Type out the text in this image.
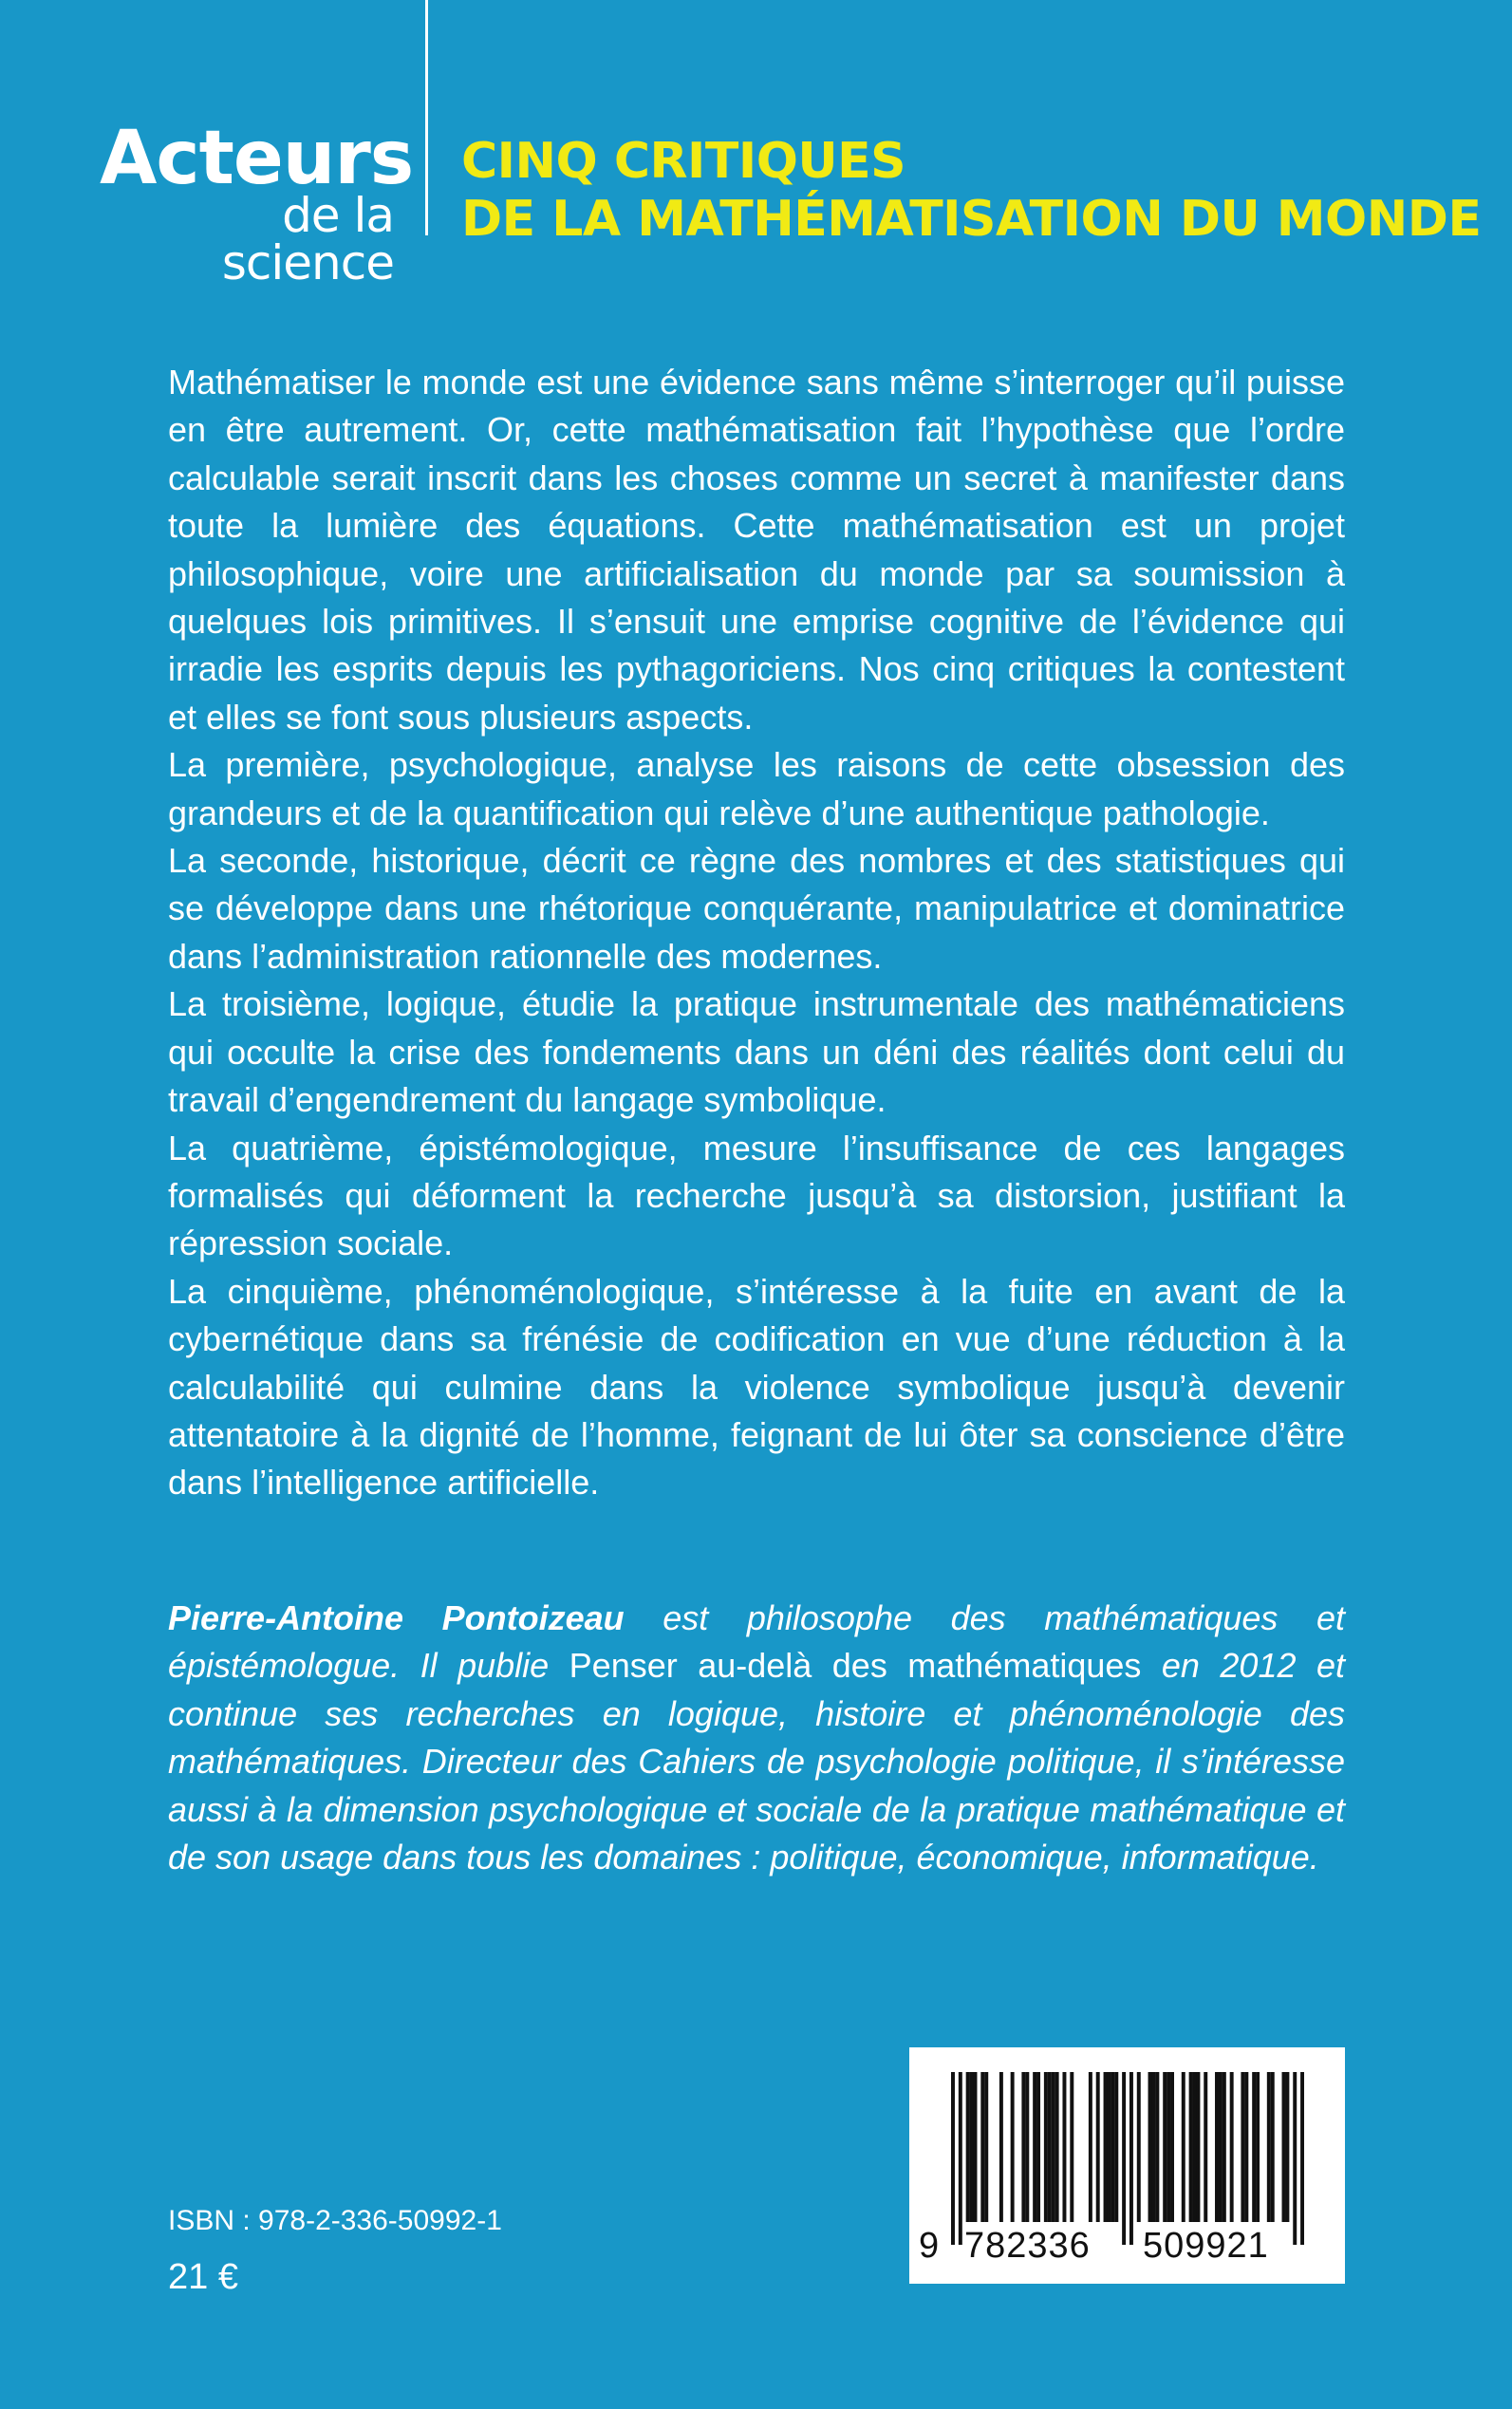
Acteurs

de la science

CINQ CRITIQUES
DE LA MATHÉMATISATION DU MONDE

Mathématiser le monde est une évidence sans même s’interroger qu’il puisse en être autrement. Or, cette mathématisation fait l’hypothèse que l’ordre calculable serait inscrit dans les choses comme un secret à manifester dans toute la lumière des équations. Cette mathématisation est un projet philosophique, voire une artificialisation du monde par sa soumission à quelques lois primitives. Il s’ensuit une emprise cognitive de l’évidence qui irradie les esprits depuis les pythagoriciens. Nos cinq critiques la contestent et elles se font sous plusieurs aspects.

La première, psychologique, analyse les raisons de cette obsession des grandeurs et de la quantification qui relève d’une authentique pathologie.

La seconde, historique, décrit ce règne des nombres et des statistiques qui se développe dans une rhétorique conquérante, manipulatrice et dominatrice dans l’administration rationnelle des modernes.

La troisième, logique, étudie la pratique instrumentale des mathématiciens qui occulte la crise des fondements dans un déni des réalités dont celui du travail d’engendrement du langage symbolique.

La quatrième, épistémologique, mesure l’insuffisance de ces langages formalisés qui déforment la recherche jusqu’à sa distorsion, justifiant la répression sociale.

La cinquième, phénoménologique, s’intéresse à la fuite en avant de la cybernétique dans sa frénésie de codification en vue d’une réduction à la calculabilité qui culmine dans la violence symbolique jusqu’à devenir attentatoire à la dignité de l’homme, feignant de lui ôter sa conscience d’être dans l’intelligence artificielle.

Pierre-Antoine Pontoizeau est philosophe des mathématiques et épistémologue. Il publie Penser au-delà des mathématiques en 2012 et continue ses recherches en logique, histoire et phénoménologie des mathématiques. Directeur des Cahiers de psychologie politique, il s’intéresse aussi à la dimension psychologique et sociale de la pratique mathématique et de son usage dans tous les domaines : politique, économique, informatique.

ISBN : 978-2-336-50992-1

21 €

9 782336 509921
